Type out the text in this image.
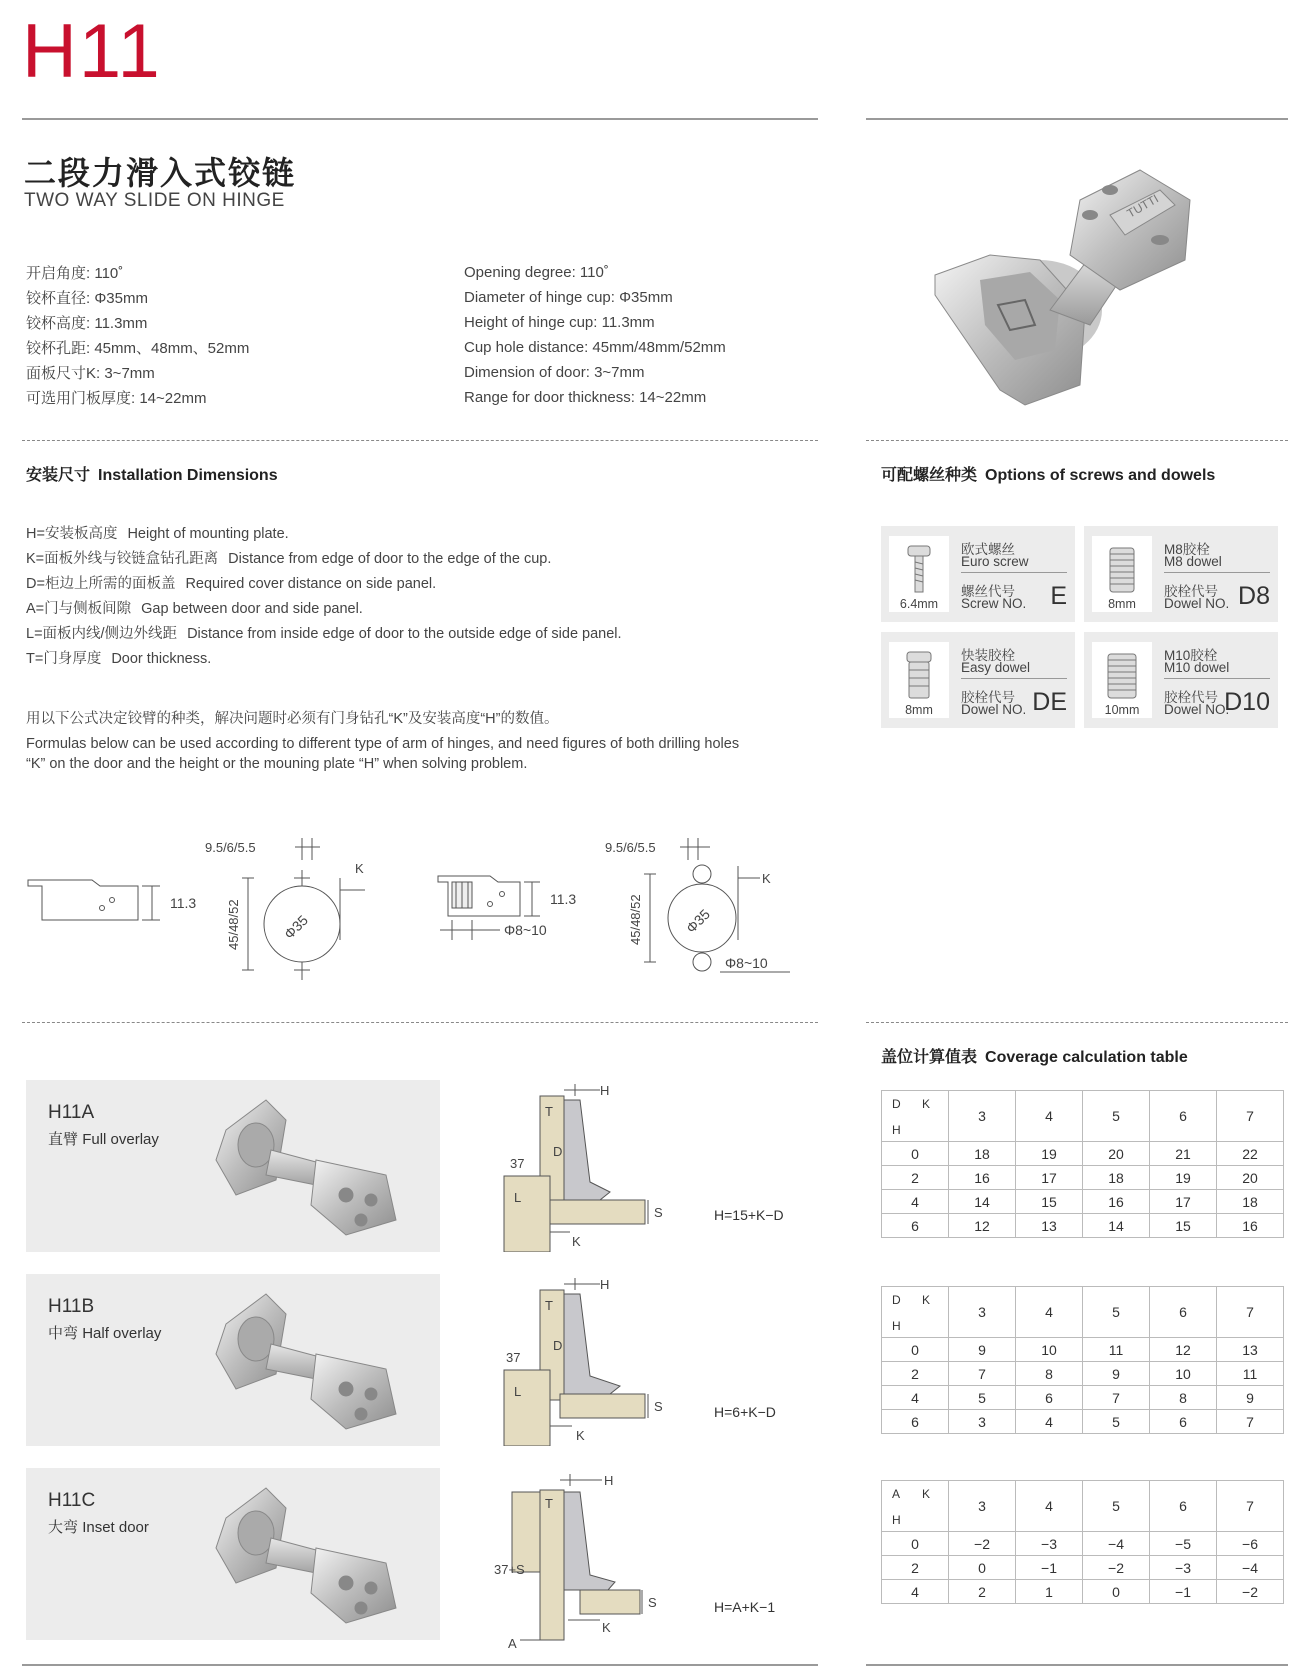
H11
二段力滑入式铰链
TWO WAY SLIDE ON HINGE
开启角度: 110˚
铰杯直径: Φ35mm
铰杯高度: 11.3mm
铰杯孔距: 45mm、48mm、52mm
面板尺寸K: 3~7mm
可选用门板厚度: 14~22mm
Opening degree: 110˚
Diameter of hinge cup: Φ35mm
Height of hinge cup: 11.3mm
Cup hole distance: 45mm/48mm/52mm
Dimension of door: 3~7mm
Range for door thickness: 14~22mm
TUTTI
安装尺寸 Installation Dimensions
H=安装板高度 Height of mounting plate.
K=面板外线与铰链盒钻孔距离 Distance from edge of door to the edge of the cup.
D=柜边上所需的面板盖 Required cover distance on side panel.
A=门与侧板间隙 Gap between door and side panel.
L=面板内线/侧边外线距 Distance from inside edge of door to the outside edge of side panel.
T=门身厚度 Door thickness.
用以下公式决定铰臂的种类，解决问题时必须有门身钻孔“K”及安装高度“H”的数值。
Formulas below can be used according to different type of arm of hinges, and need figures of both drilling holes “K” on the door and the height or the mouning plate “H” when solving problem.
11.3
9.5/6/5.5
K
45/48/52	Φ35
11.3
Φ8~10
9.5/6/5.5
K
45/48/52	Φ35
Φ8~10
可配螺丝种类 Options of screws and dowels
6.4mm
欧式螺丝
Euro screw
螺丝代号
Screw NO. E	8mm
M8胶栓
M8 dowel
胶栓代号
Dowel NO. D8
8mm
快装胶栓
Easy dowel
胶栓代号
Dowel NO. DE	10mm
M10胶栓
M10 dowel
胶栓代号
Dowel NO.
D10
H11A
直臂 Full overlay
H11B
中弯 Half overlay
H11C
大弯 Inset door
H
T
D
37
L
S
K
H=15+K−D
H
T
D
37
L
S
K
H=6+K−D
H
T
37+S
S
K
A
H=A+K−1
盖位计算值表 Coverage calculation table
D K
H	3	4	5	6	7
0	18	19	20	21	22
2	16	17	18	19	20
4	14	15	16	17	18
6	12	13	14	15	16
D K
H	3	4	5	6	7
0	9	10	11	12	13
2	7	8	9	10	11
4	5	6	7	8	9
6	3	4	5	6	7
A K
H	3	4	5	6	7
0	−2	−3	−4	−5	−6
2	0	−1	−2	−3	−4
4	2	1	0	−1	−2
